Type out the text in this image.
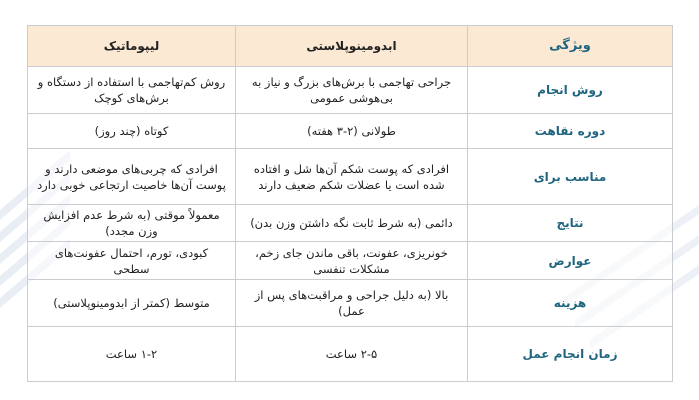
ویژگی	ابدومینوپلاستی	لیپوماتیک
روش انجام	جراحی تهاجمی با برش‌های بزرگ و نیاز به بی‌هوشی عمومی	روش کم‌تهاجمی با استفاده از دستگاه و برش‌های کوچک
دوره نقاهت	طولانی (۲-۳ هفته)	کوتاه (چند روز)
مناسب برای	افرادی که پوست شکم آن‌ها شل و افتاده شده است یا عضلات شکم ضعیف دارند	افرادی که چربی‌های موضعی دارند و پوست آن‌ها خاصیت ارتجاعی خوبی دارد
نتایج	دائمی (به شرط ثابت نگه داشتن وزن بدن)	معمولاً موقتی (به شرط عدم افزایش وزن مجدد)
عوارض	خونریزی، عفونت، باقی ماندن جای زخم، مشکلات تنفسی	کبودی، تورم، احتمال عفونت‌های سطحی
هزینه	بالا (به دلیل جراحی و مراقبت‌های پس از عمل)	متوسط (کمتر از ابدومینوپلاستی)
زمان انجام عمل	۲-۵ ساعت	۱-۲ ساعت
